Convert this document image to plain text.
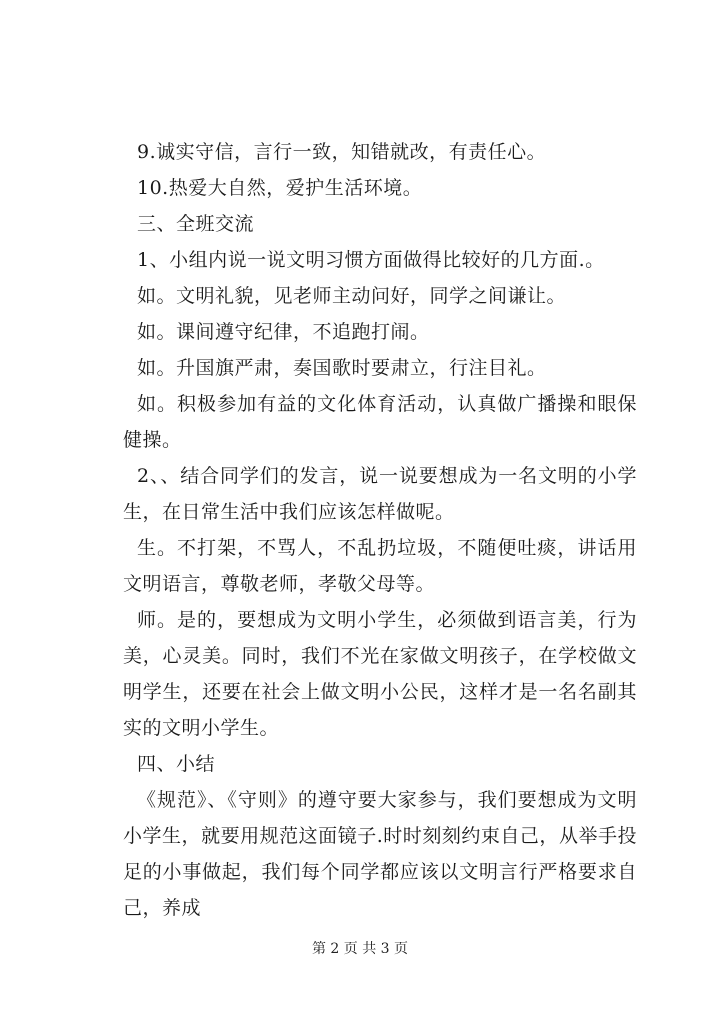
9.诚实守信，言行一致，知错就改，有责任心。

10.热爱大自然，爱护生活环境。

三、全班交流

1、小组内说一说文明习惯方面做得比较好的几方面.。

如。文明礼貌，见老师主动问好，同学之间谦让。

如。课间遵守纪律，不追跑打闹。

如。升国旗严肃，奏国歌时要肃立，行注目礼。

如。积极参加有益的文化体育活动，认真做广播操和眼保健操。

2、、结合同学们的发言，说一说要想成为一名文明的小学生，在日常生活中我们应该怎样做呢。

生。不打架，不骂人，不乱扔垃圾，不随便吐痰，讲话用文明语言，尊敬老师，孝敬父母等。

师。是的，要想成为文明小学生，必须做到语言美，行为美，心灵美。同时，我们不光在家做文明孩子，在学校做文明学生，还要在社会上做文明小公民，这样才是一名名副其实的文明小学生。

四、小结

《规范》、《守则》的遵守要大家参与，我们要想成为文明小学生，就要用规范这面镜子.时时刻刻约束自己，从举手投足的小事做起，我们每个同学都应该以文明言行严格要求自己，养成

第 2 页 共 3 页
